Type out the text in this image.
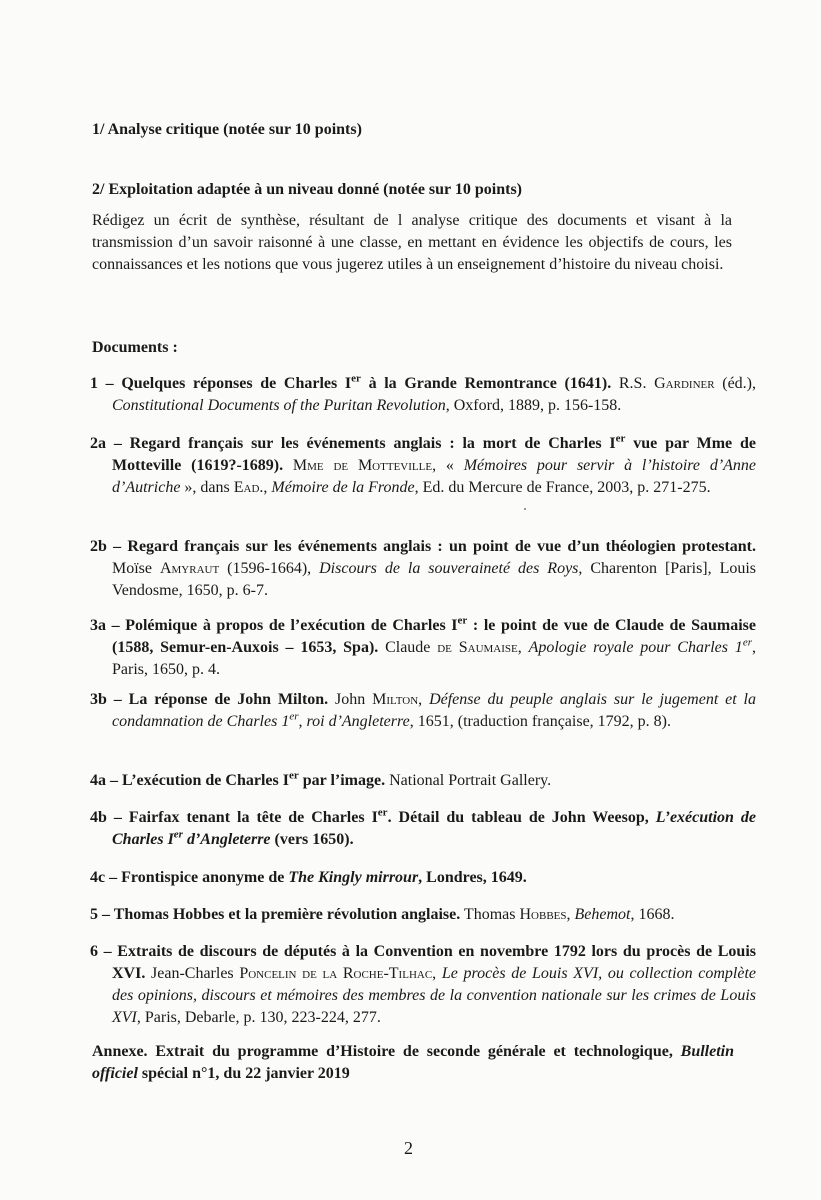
1/ Analyse critique (notée sur 10 points)
2/ Exploitation adaptée à un niveau donné (notée sur 10 points)
Rédigez un écrit de synthèse, résultant de l analyse critique des documents et visant à la transmission d’un savoir raisonné à une classe, en mettant en évidence les objectifs de cours, les connaissances et les notions que vous jugerez utiles à un enseignement d’histoire du niveau choisi.
Documents :
1 – Quelques réponses de Charles Ier à la Grande Remontrance (1641). R.S. Gardiner (éd.), Constitutional Documents of the Puritan Revolution, Oxford, 1889, p. 156-158.
2a – Regard français sur les événements anglais : la mort de Charles Ier vue par Mme de Motteville (1619?-1689). Mme de Motteville, « Mémoires pour servir à l’histoire d’Anne d’Autriche », dans Ead., Mémoire de la Fronde, Ed. du Mercure de France, 2003, p. 271-275.
2b – Regard français sur les événements anglais : un point de vue d’un théologien protestant. Moïse Amyraut (1596-1664), Discours de la souveraineté des Roys, Charenton [Paris], Louis Vendosme, 1650, p. 6-7.
3a – Polémique à propos de l’exécution de Charles Ier : le point de vue de Claude de Saumaise (1588, Semur-en-Auxois – 1653, Spa). Claude de Saumaise, Apologie royale pour Charles 1er, Paris, 1650, p. 4.
3b – La réponse de John Milton. John Milton, Défense du peuple anglais sur le jugement et la condamnation de Charles 1er, roi d’Angleterre, 1651, (traduction française, 1792, p. 8).
4a – L’exécution de Charles Ier par l’image. National Portrait Gallery.
4b – Fairfax tenant la tête de Charles Ier. Détail du tableau de John Weesop, L’exécution de Charles Ier d’Angleterre (vers 1650).
4c – Frontispice anonyme de The Kingly mirrour, Londres, 1649.
5 – Thomas Hobbes et la première révolution anglaise. Thomas Hobbes, Behemot, 1668.
6 – Extraits de discours de députés à la Convention en novembre 1792 lors du procès de Louis XVI. Jean-Charles Poncelin de la Roche-Tilhac, Le procès de Louis XVI, ou collection complète des opinions, discours et mémoires des membres de la convention nationale sur les crimes de Louis XVI, Paris, Debarle, p. 130, 223-224, 277.
Annexe. Extrait du programme d’Histoire de seconde générale et technologique, Bulletin officiel spécial n°1, du 22 janvier 2019
2
